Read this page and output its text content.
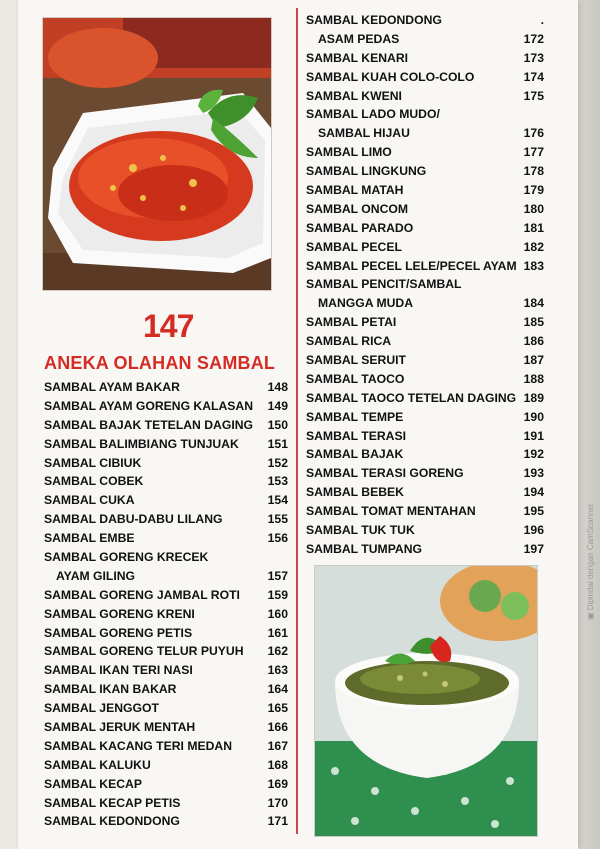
147
ANEKA OLAHAN SAMBAL
SAMBAL AYAM BAKAR	148
SAMBAL AYAM GORENG KALASAN 149
SAMBAL BAJAK TETELAN DAGING 150
SAMBAL BALIMBIANG TUNJUAK 151
SAMBAL CIBIUK	152
SAMBAL COBEK	153
SAMBAL CUKA	154
SAMBAL DABU-DABU LILANG	155
SAMBAL EMBE	156
SAMBAL GORENG KRECEK
AYAM GILING	157
SAMBAL GORENG JAMBAL ROTI 159
SAMBAL GORENG KRENI	160
SAMBAL GORENG PETIS	161
SAMBAL GORENG TELUR PUYUH 162
SAMBAL IKAN TERI NASI	163
SAMBAL IKAN BAKAR	164
SAMBAL JENGGOT	165
SAMBAL JERUK MENTAH	166
SAMBAL KACANG TERI MEDAN	167
SAMBAL KALUKU	168
SAMBAL KECAP	169
SAMBAL KECAP PETIS	170
SAMBAL KEDONDONG	171
SAMBAL KEDONDONG	.
ASAM PEDAS	172
SAMBAL KENARI	173
SAMBAL KUAH COLO-COLO	174
SAMBAL KWENI	175
SAMBAL LADO MUDO/
SAMBAL HIJAU	176
SAMBAL LIMO	177
SAMBAL LINGKUNG	178
SAMBAL MATAH	179
SAMBAL ONCOM	180
SAMBAL PARADO	181
SAMBAL PECEL	182
SAMBAL PECEL LELE/PECEL AYAM 183
SAMBAL PENCIT/SAMBAL
MANGGA MUDA	184
SAMBAL PETAI	185
SAMBAL RICA	186
SAMBAL SERUIT	187
SAMBAL TAOCO	188
SAMBAL TAOCO TETELAN DAGING 189
SAMBAL TEMPE	190
SAMBAL TERASI	191
SAMBAL BAJAK	192
SAMBAL TERASI GORENG	193
SAMBAL BEBEK	194
SAMBAL TOMAT MENTAHAN	195
SAMBAL TUK TUK	196
SAMBAL TUMPANG	197
▣ Dipindai dengan CamScanner
